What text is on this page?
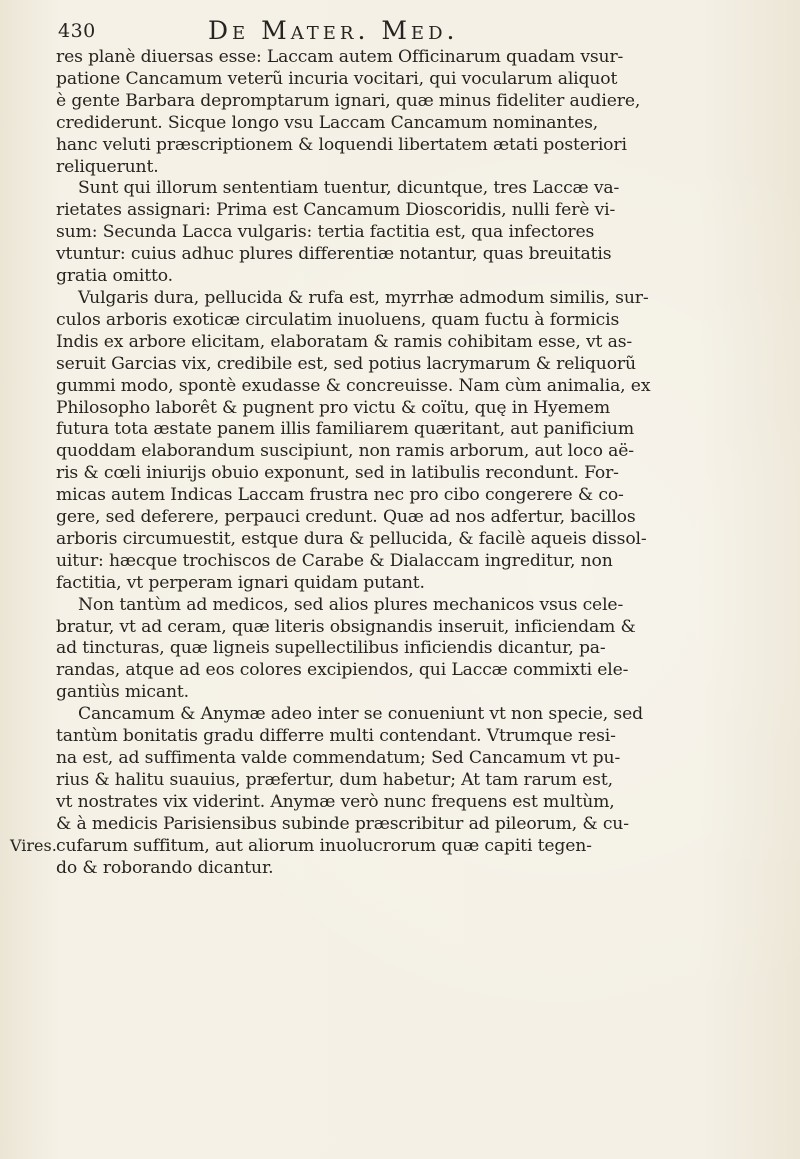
430	De Mater. Med.
Vires.
res planè diuersas esse: Laccam autem Officinarum quadam vsur-
patione Cancamum veterũ incuria vocitari, qui vocularum aliquot
è gente Barbara depromptarum ignari, quæ minus fideliter audiere,
crediderunt. Sicque longo vsu Laccam Cancamum nominantes,
hanc veluti præscriptionem & loquendi libertatem ætati posteriori
reliquerunt.
Sunt qui illorum sententiam tuentur, dicuntque, tres Laccæ va-
rietates assignari: Prima est Cancamum Dioscoridis, nulli ferè vi-
sum: Secunda Lacca vulgaris: tertia factitia est, qua infectores
vtuntur: cuius adhuc plures differentiæ notantur, quas breuitatis
gratia omitto.
Vulgaris dura, pellucida & rufa est, myrrhæ admodum similis, sur-
culos arboris exoticæ circulatim inuoluens, quam fuctu à formicis
Indis ex arbore elicitam, elaboratam & ramis cohibitam esse, vt as-
seruit Garcias vix, credibile est, sed potius lacrymarum & reliquorũ
gummi modo, spontè exudasse & concreuisse. Nam cùm animalia, ex
Philosopho laborêt & pugnent pro victu & coïtu, quę in Hyemem
futura tota æstate panem illis familiarem quæritant, aut panificium
quoddam elaborandum suscipiunt, non ramis arborum, aut loco aë-
ris & cœli iniurijs obuio exponunt, sed in latibulis recondunt. For-
micas autem Indicas Laccam frustra nec pro cibo congerere & co-
gere, sed deferere, perpauci credunt. Quæ ad nos adfertur, bacillos
arboris circumuestit, estque dura & pellucida, & facilè aqueis dissol-
uitur: hæcque trochiscos de Carabe & Dialaccam ingreditur, non
factitia, vt perperam ignari quidam putant.
Non tantùm ad medicos, sed alios plures mechanicos vsus cele-
bratur, vt ad ceram, quæ literis obsignandis inseruit, inficiendam &
ad tincturas, quæ ligneis supellectilibus inficiendis dicantur, pa-
randas, atque ad eos colores excipiendos, qui Laccæ commixti ele-
gantiùs micant.
Cancamum & Anymæ adeo inter se conueniunt vt non specie, sed
tantùm bonitatis gradu differre multi contendant. Vtrumque resi-
na est, ad suffimenta valde commendatum; Sed Cancamum vt pu-
rius & halitu suauius, præfertur, dum habetur; At tam rarum est,
vt nostrates vix viderint. Anymæ verò nunc frequens est multùm,
& à medicis Parisiensibus subinde præscribitur ad pileorum, & cu-
cufarum suffitum, aut aliorum inuolucrorum quæ capiti tegen-
do & roborando dicantur.
